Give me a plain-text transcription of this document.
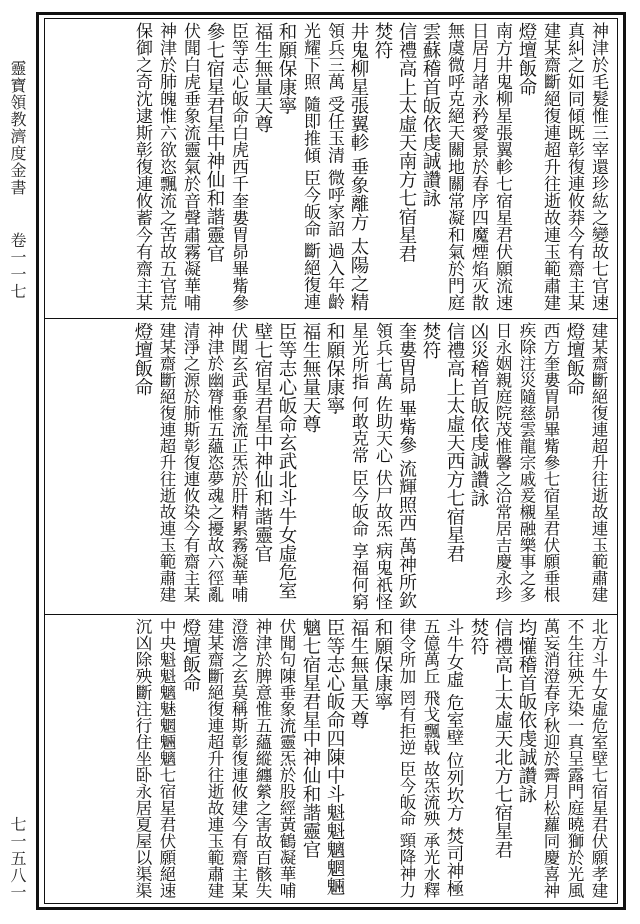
靈寶領教濟度金書
卷一一七
七一五八一
神津於毛髮惟三宰還珍紘之變故七官速
真糾之如同傾既彰復連攸莽今有齋主某
建某齋斷絕復連超升往逝故連玉範肅建
燈壇飯命
南方井鬼柳星張翼軫七宿星君伏願流速
日居月諸永矜愛景於春序四魔煙焰灭散
無虞微呼克絕天關地關常凝和氣於門庭
雲蘇稽首皈依虔誠讚詠
信禮高上太虛天南方七宿星君
焚符
井鬼柳星張翼軫 垂象離方 太陽之精
領兵三萬 受任玉清 微呼家詔 過入年齡
光耀下照 隨即推傾 臣今皈命 斷絕復連
和願保康寧
福生無量天尊
臣等志心皈命白虎西千奎婁胃昴畢觜參
參七宿星君星中神仙和諧靈官
伏聞白虎垂象流靈氣於音聲肅霧凝華哺
神津於肺魄惟六欲恣飄流之苦故五官荒
保御之奇沈逮斯彰復連攸蓄今有齋主某
建某齋斷絕復連超升往逝故連玉範肅建
燈壇飯命
西方奎婁胃昴畢觜參七宿星君伏願垂根
疾除注災隨慈雲龍宗戚爰櫬融樂事之多
日永姻親庭院茂惟馨之洽常居吉慶永珍
凶災稽首皈依虔誠讚詠
信禮高上太虛天西方七宿星君
焚符
奎婁胃昴 畢觜參 流輝照西 萬神所欽
領兵七萬 佐助天心 伏尸故炁 病鬼祇怪
星光所指 何敢克常 臣今皈命 享福何窮
和願保康寧
福生無量天尊
臣等志心皈命玄武北斗牛女虛危室
壁七宿星君星中神仙和諧靈官
伏聞玄武垂象流正炁於肝精累霧凝華哺
神津於幽膂惟五蘊恣夢魂之擾故六徑亂
清淨之源於肺斯彰復連攸染今有齋主某
建某齋斷絕復連超升往逝故連玉範肅建
燈壇飯命
北方斗牛女虛危室壁七宿星君伏願孝建
不生往殃无染一真呈露門庭曉獅於光風
萬妄消澄春序秋迎於霽月松蘿同慶喜神
均懽稽首皈依虔誠讚詠
信禮高上太虛天北方七宿星君
焚符
斗牛女虛 危室壁 位列坎方 焚司神極
五億萬丘 飛戈飄戟 故炁流殃 承光水釋
律令所加 罔有拒逆 臣今皈命 頸降神力
和願保康寧
福生無量天尊
臣等志心皈命四陳中斗魁魁魑魍魎
魑七宿星君星中神仙和諧靈官
伏聞句陳垂象流靈炁於股經黃鶴凝華哺
神津於脾意惟五蘊縱纏縈之害故百骸失
澄澹之玄莫稱斯彰復連攸建今有齋主某
建某齋斷絕復連超升往逝故連玉範肅建
燈壇飯命
中央魁魁魑魅魍魎魑七宿星君伏願絕速
沉凶除殃斷注行住坐卧永居夏屋以渠渠
